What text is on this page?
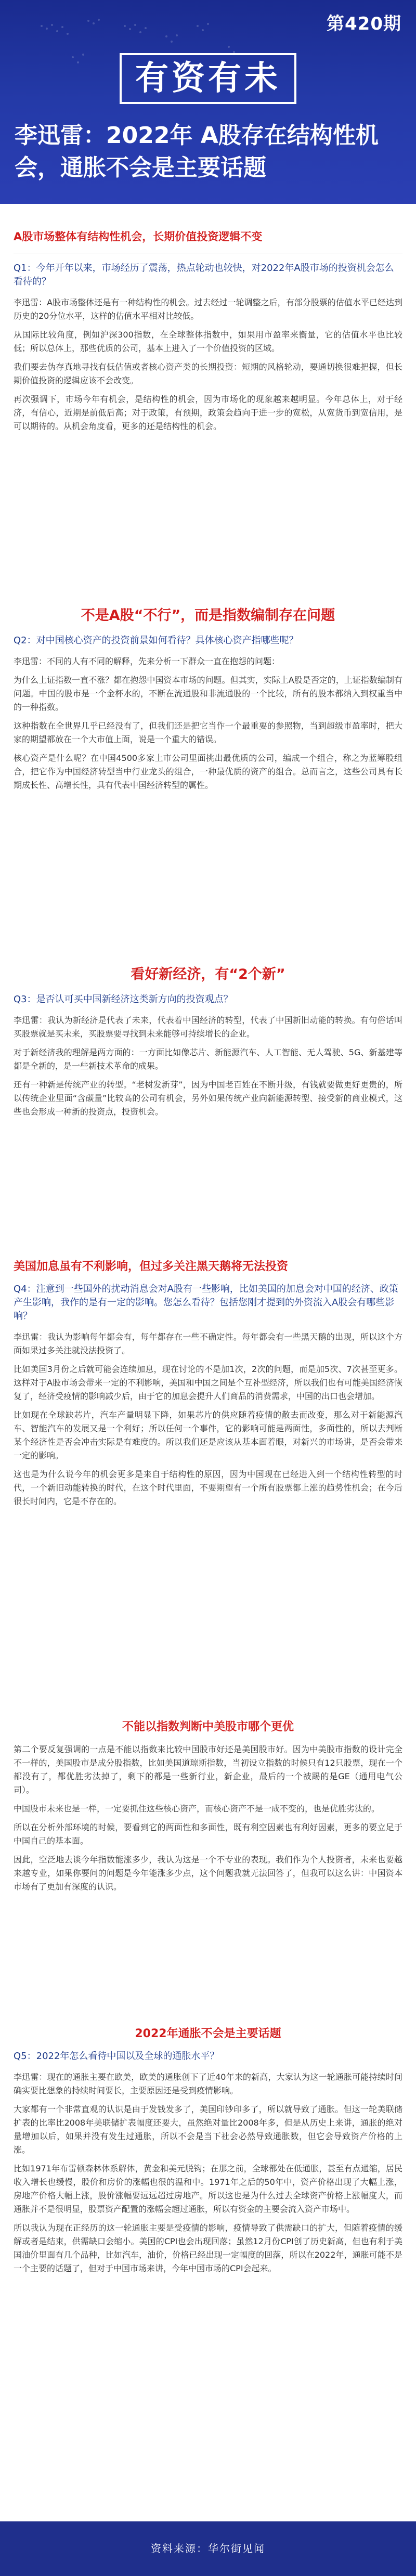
第420期
有资有未
李迅雷：2022年 A股存在结构性机会，通胀不会是主要话题
A股市场整体有结构性机会，长期价值投资逻辑不变
Q1：今年开年以来，市场经历了震荡，热点轮动也较快，对2022年A股市场的投资机会怎么看待的？

李迅雷：A股市场整体还是有一种结构性的机会。过去经过一轮调整之后，有部分股票的估值水平已经达到历史的20分位水平，这样的估值水平相对比较低。

从国际比较角度，例如沪深300指数，在全球整体指数中，如果用市盈率来衡量，它的估值水平也比较低；所以总体上，那些优质的公司，基本上进入了一个价值投资的区域。

我们要去伪存真地寻找有低估值或者核心资产类的长期投资：短期的风格轮动，要通切换很难把握，但长期价值投资的逻辑应该不会改变。

再次强调下，市场今年有机会，是结构性的机会，因为市场化的现象越来越明显。今年总体上，对于经济，有信心，近期是前低后高；对于政策，有预期，政策会趋向于进一步的宽松，从宽货币到宽信用，是可以期待的。从机会角度看，更多的还是结构性的机会。

不是A股“不行”，而是指数编制存在问题
Q2：对中国核心资产的投资前景如何看待？具体核心资产指哪些呢？

李迅雷：不同的人有不同的解释，先来分析一下群众一直在抱怨的问题：

为什么上证指数一直不涨？都在抱怨中国资本市场的问题。但其实，实际上A股是否定的，上证指数编制有问题。中国的股市是一个金杯水的，不断在流通股和非流通股的一个比较，所有的股本都纳入到权重当中的一种指数。

这种指数在全世界几乎已经没有了，但我们还是把它当作一个最重要的参照物，当到超级市盈率时，把大家的期望都放在一个大市值上面，说是一个重大的错误。

核心资产是什么呢？在中国4500多家上市公司里面挑出最优质的公司，编成一个组合，称之为蓝筹股组合，把它作为中国经济转型当中行业龙头的组合，一种最优质的资产的组合。总而言之，这些公司具有长期成长性、高增长性，具有代表中国经济转型的属性。

看好新经济，有“2个新”
Q3：是否认可买中国新经济这类新方向的投资观点？

李迅雷：我认为新经济是代表了未来，代表着中国经济的转型，代表了中国新旧动能的转换。有句俗话叫买股票就是买未来，买股票要寻找到未来能够可持续增长的企业。

对于新经济我的理解是两方面的：一方面比如像芯片、新能源汽车、人工智能、无人驾驶、5G、新基建等都是全新的，是一些新技术革命的成果。

还有一种新是传统产业的转型。“老树发新芽”，因为中国老百姓在不断升级，有钱就要做更好更贵的，所以传统企业里面“含碳量”比较高的公司有机会，另外如果传统产业向新能源转型、接受新的商业模式，这些也会形成一种新的投资点，投资机会。

美国加息虽有不利影响，但过多关注黑天鹅将无法投资
Q4：注意到一些国外的扰动消息会对A股有一些影响，比如美国的加息会对中国的经济、政策产生影响，我作的是有一定的影响。您怎么看待？包括您刚才提到的外资流入A股会有哪些影响？

李迅雷：我认为影响每年都会有，每年都存在一些不确定性。每年都会有一些黑天鹅的出现，所以这个方面如果过多关注就没法投资了。

比如美国3月份之后就可能会连续加息，现在讨论的不是加1次，2次的问题，而是加5次、7次甚至更多。这样对于A股市场会带来一定的不利影响，美国和中国之间是个互补型经济，所以我们也有可能美国经济恢复了，经济受疫情的影响减少后，由于它的加息会提升人们商品的消费需求，中国的出口也会增加。

比如现在全球缺芯片，汽车产量明显下降，如果芯片的供应随着疫情的散去而改变，那么对于新能源汽车、智能汽车的发展又是一个利好；所以任何一个事件，它的影响可能是两面性，多面性的，所以去判断某个经济性是否会冲击实际是有难度的。所以我们还是应该从基本面着眼，对新兴的市场讲，是否会带来一定的影响。

这也是为什么说今年的机会更多是来自于结构性的原因，因为中国现在已经进入到一个结构性转型的时代，一个新旧动能转换的时代，在这个时代里面，不要期望有一个所有股票都上涨的趋势性机会；在今后很长时间内，它是不存在的。

不能以指数判断中美股市哪个更优

第二个要反复强调的一点是不能以指数来比较中国股市好还是美国股市好。因为中美股市指数的设计完全不一样的，美国股市是成分股指数，比如美国道琼斯指数，当初设立指数的时候只有12只股票，现在一个都没有了，都优胜劣汰掉了，剩下的都是一些新行业，新企业，最后的一个被踢的是GE（通用电气公司）。

中国股市未来也是一样，一定要抓住这些核心资产，而核心资产不是一成不变的，也是优胜劣汰的。

所以在分析外部环境的时候，要看到它的两面性和多面性，既有利空因素也有利好因素，更多的要立足于中国自己的基本面。

因此，空泛地去谈今年指数能涨多少，我认为这是一个不专业的表现。我们作为个人投资者，未来也要越来越专业，如果你要问的问题是今年能涨多少点，这个问题我就无法回答了，但我可以这么讲：中国资本市场有了更加有深度的认识。

2022年通胀不会是主要话题
Q5：2022年怎么看待中国以及全球的通胀水平？

李迅雷：现在的通胀主要在欧美，欧美的通胀创下了近40年来的新高，大家认为这一轮通胀可能持续时间确实要比想象的持续时间要长，主要原因还是受到疫情影响。

大家都有一个非常直观的认识是由于发钱发多了，美国印钞印多了，所以就导致了通胀。但这一轮美联储扩表的比率比2008年美联储扩表幅度还要大，虽然绝对量比2008年多，但是从历史上来讲，通胀的绝对量增加以后，如果并没有发生过通胀，所以不会是当下社会必然导致通胀数，但它会导致资产价格的上涨。

比如1971年布雷顿森林体系解体，黄金和美元脱钩；在那之前，全球都处在低通胀，甚至有点通缩，居民收入增长也缓慢，股价和房价的涨幅也很的温和中。1971年之后的50年中，资产价格出现了大幅上涨，房地产价格大幅上涨，股价涨幅要远远超过房地产。所以这也是为什么过去全球资产价格上涨幅度大，而通胀并不是很明显，股票资产配置的涨幅会超过通胀，所以有资金的主要会流入资产市场中。

所以我认为现在正经历的这一轮通胀主要是受疫情的影响，疫情导致了供需缺口的扩大，但随着疫情的缓解或者是结束，供需缺口会缩小。美国的CPI也会出现回落；虽然12月份CPI创了历史新高，但也有利于美国油价里面有几个品种，比如汽车，油价，价格已经出现一定幅度的回落，所以在2022年，通胀可能不是一个主要的话题了，但对于中国市场来讲，今年中国市场的CPI会起来。

资料来源：华尔街见闻
